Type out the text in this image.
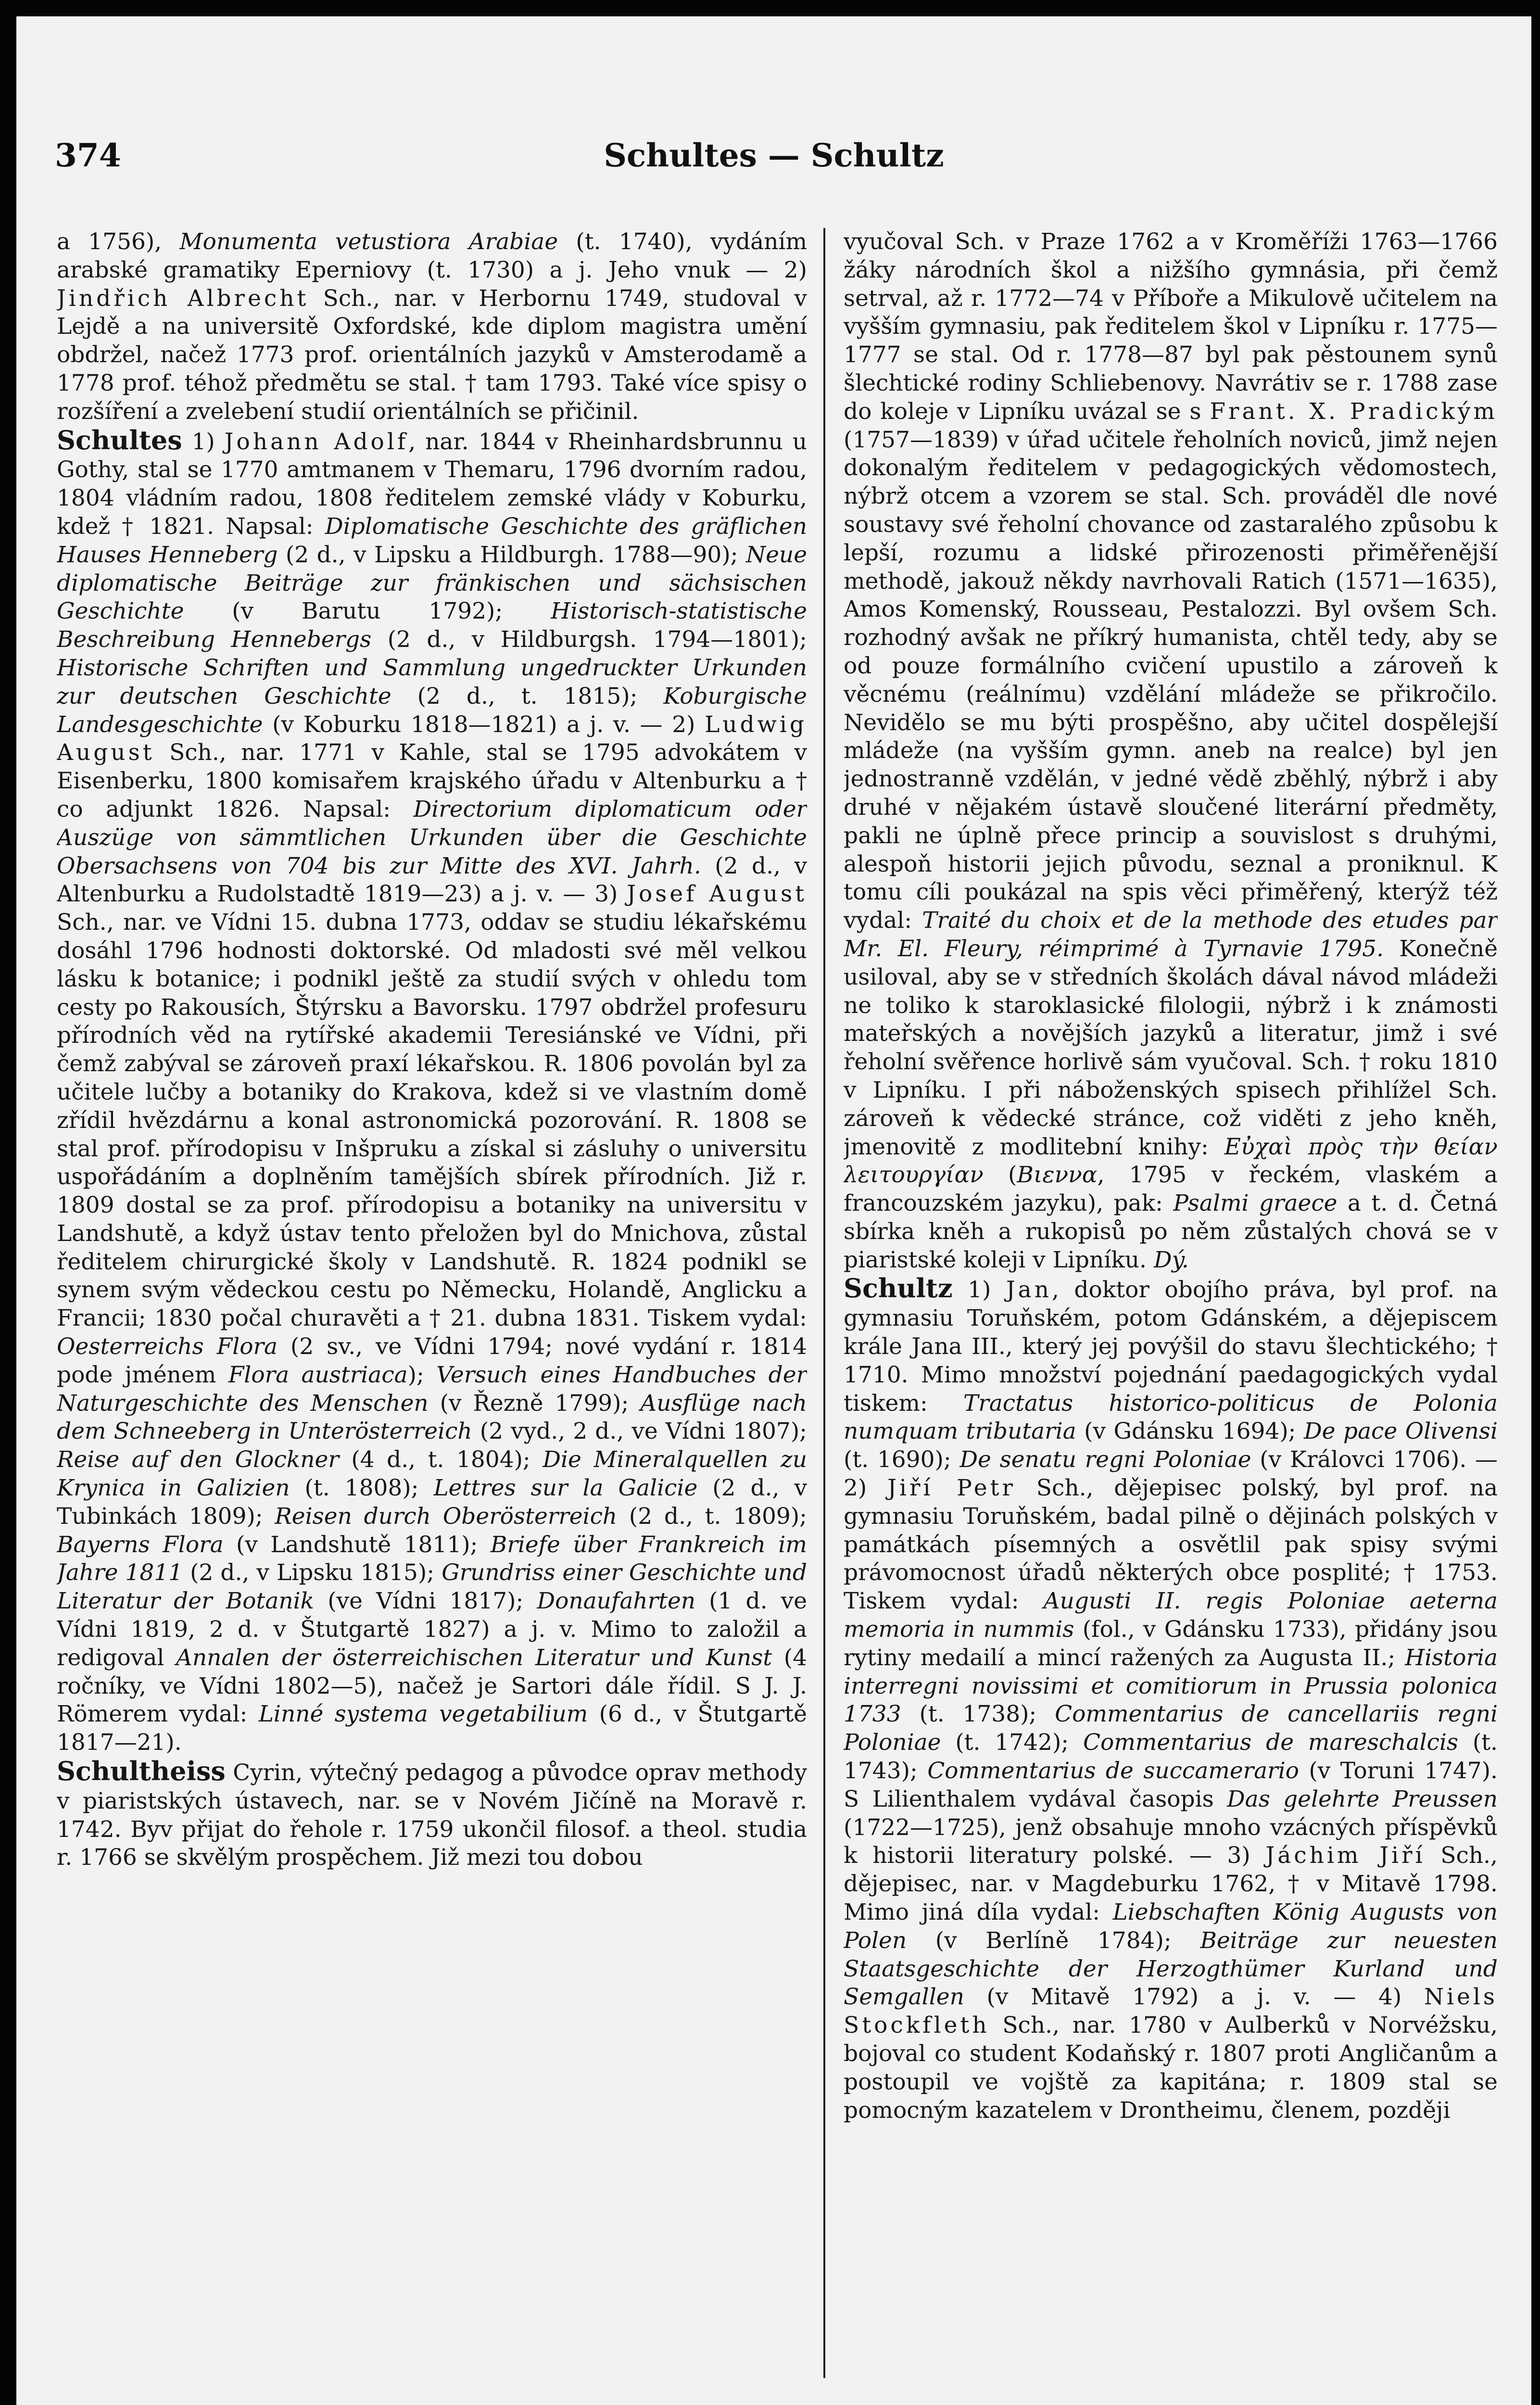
374	Schultes — Schultz

a 1756), Monumenta vetustiora Arabiae (t. 1740), vydáním arabské gramatiky Eperniovy (t. 1730) a j. Jeho vnuk — 2) Jindřich Albrecht Sch., nar. v Herbornu 1749, studoval v Lejdě a na universitě Oxfordské, kde diplom magistra umění obdržel, načež 1773 prof. orientálních jazyků v Amsterodamě a 1778 prof. téhož předmětu se stal. † tam 1793. Také více spisy o rozšíření a zvelebení studií orientálních se přičinil.

Schultes 1) Johann Adolf, nar. 1844 v Rheinhardsbrunnu u Gothy, stal se 1770 amtmanem v Themaru, 1796 dvorním radou, 1804 vládním radou, 1808 ředitelem zemské vlády v Koburku, kdež † 1821. Napsal: Diplomatische Geschichte des gräflichen Hauses Henneberg (2 d., v Lipsku a Hildburgh. 1788—90); Neue diplomatische Beiträge zur fränkischen und sächsischen Geschichte (v Barutu 1792); Historisch-statistische Beschreibung Hennebergs (2 d., v Hildburgsh. 1794—1801); Historische Schriften und Sammlung ungedruckter Urkunden zur deutschen Geschichte (2 d., t. 1815); Koburgische Landesgeschichte (v Koburku 1818—1821) a j. v. — 2) Ludwig August Sch., nar. 1771 v Kahle, stal se 1795 advokátem v Eisenberku, 1800 komisařem krajského úřadu v Altenburku a † co adjunkt 1826. Napsal: Directorium diplomaticum oder Auszüge von sämmtlichen Urkunden über die Geschichte Obersachsens von 704 bis zur Mitte des XVI. Jahrh. (2 d., v Altenburku a Rudolstadtě 1819—23) a j. v. — 3) Josef August Sch., nar. ve Vídni 15. dubna 1773, oddav se studiu lékařskému dosáhl 1796 hodnosti doktorské. Od mladosti své měl velkou lásku k botanice; i podnikl ještě za studií svých v ohledu tom cesty po Rakousích, Štýrsku a Bavorsku. 1797 obdržel profesuru přírodních věd na rytířské akademii Teresiánské ve Vídni, při čemž zabýval se zároveň praxí lékařskou. R. 1806 povolán byl za učitele lučby a botaniky do Krakova, kdež si ve vlastním domě zřídil hvězdárnu a konal astronomická pozorování. R. 1808 se stal prof. přírodopisu v Inšpruku a získal si zásluhy o universitu uspořádáním a doplněním tamějších sbírek přírodních. Již r. 1809 dostal se za prof. přírodopisu a botaniky na universitu v Landshutě, a když ústav tento přeložen byl do Mnichova, zůstal ředitelem chirurgické školy v Landshutě. R. 1824 podnikl se synem svým vědeckou cestu po Německu, Holandě, Anglicku a Francii; 1830 počal churavěti a † 21. dubna 1831. Tiskem vydal: Oesterreichs Flora (2 sv., ve Vídni 1794; nové vydání r. 1814 pode jménem Flora austriaca); Versuch eines Handbuches der Naturgeschichte des Menschen (v Řezně 1799); Ausflüge nach dem Schneeberg in Unterösterreich (2 vyd., 2 d., ve Vídni 1807); Reise auf den Glockner (4 d., t. 1804); Die Mineralquellen zu Krynica in Galizien (t. 1808); Lettres sur la Galicie (2 d., v Tubinkách 1809); Reisen durch Oberösterreich (2 d., t. 1809); Bayerns Flora (v Landshutě 1811); Briefe über Frankreich im Jahre 1811 (2 d., v Lipsku 1815); Grundriss einer Geschichte und Literatur der Botanik (ve Vídni 1817); Donaufahrten (1 d. ve Vídni 1819, 2 d. v Štutgartě 1827) a j. v. Mimo to založil a redigoval Annalen der österreichischen Literatur und Kunst (4 ročníky, ve Vídni 1802—5), načež je Sartori dále řídil. S J. J. Römerem vydal: Linné systema vegetabilium (6 d., v Štutgartě 1817—21).

Schultheiss Cyrin, výtečný pedagog a původce oprav methody v piaristských ústavech, nar. se v Novém Jičíně na Moravě r. 1742. Byv přijat do řehole r. 1759 ukončil filosof. a theol. studia r. 1766 se skvělým prospěchem. Již mezi tou dobou

vyučoval Sch. v Praze 1762 a v Kroměříži 1763—1766 žáky národních škol a nižšího gymnásia, při čemž setrval, až r. 1772—74 v Příboře a Mikulově učitelem na vyšším gymnasiu, pak ředitelem škol v Lipníku r. 1775—1777 se stal. Od r. 1778—87 byl pak pěstounem synů šlechtické rodiny Schliebenovy. Navrátiv se r. 1788 zase do koleje v Lipníku uvázal se s Frant. X. Pradickým (1757—1839) v úřad učitele řeholních noviců, jimž nejen dokonalým ředitelem v pedagogických vědomostech, nýbrž otcem a vzorem se stal. Sch. prováděl dle nové soustavy své řeholní chovance od zastaralého způsobu k lepší, rozumu a lidské přirozenosti přiměřenější methodě, jakouž někdy navrhovali Ratich (1571—1635), Amos Komenský, Rousseau, Pestalozzi. Byl ovšem Sch. rozhodný avšak ne příkrý humanista, chtěl tedy, aby se od pouze formálního cvičení upustilo a zároveň k věcnému (reálnímu) vzdělání mládeže se přikročilo. Nevidělo se mu býti prospěšno, aby učitel dospělejší mládeže (na vyšším gymn. aneb na realce) byl jen jednostranně vzdělán, v jedné vědě zběhlý, nýbrž i aby druhé v nějakém ústavě sloučené literární předměty, pakli ne úplně přece princip a souvislost s druhými, alespoň historii jejich původu, seznal a proniknul. K tomu cíli poukázal na spis věci přiměřený, kterýž též vydal: Traité du choix et de la methode des etudes par Mr. El. Fleury, réimprimé à Tyrnavie 1795. Konečně usiloval, aby se v středních školách dával návod mládeži ne toliko k staroklasické filologii, nýbrž i k známosti mateřských a novějších jazyků a literatur, jimž i své řeholní svěřence horlivě sám vyučoval. Sch. † roku 1810 v Lipníku. I při náboženských spisech přihlížel Sch. zároveň k vědecké stránce, což viděti z jeho kněh, jmenovitě z modlitební knihy: Εὐχαὶ πρὸς τὴν θείαν λειτουργίαν (Βιεννα, 1795 v řeckém, vlaském a francouzském jazyku), pak: Psalmi graece a t. d. Četná sbírka kněh a rukopisů po něm zůstalých chová se v piaristské koleji v Lipníku. Dý.

Schultz 1) Jan, doktor obojího práva, byl prof. na gymnasiu Toruňském, potom Gdánském, a dějepiscem krále Jana III., který jej povýšil do stavu šlechtického; † 1710. Mimo množství pojednání paedagogických vydal tiskem: Tractatus historico-politicus de Polonia numquam tributaria (v Gdánsku 1694); De pace Olivensi (t. 1690); De senatu regni Poloniae (v Královci 1706). — 2) Jiří Petr Sch., dějepisec polský, byl prof. na gymnasiu Toruňském, badal pilně o dějinách polských v památkách písemných a osvětlil pak spisy svými právomocnost úřadů některých obce posplité; † 1753. Tiskem vydal: Augusti II. regis Poloniae aeterna memoria in nummis (fol., v Gdánsku 1733), přidány jsou rytiny medailí a mincí ražených za Augusta II.; Historia interregni novissimi et comitiorum in Prussia polonica 1733 (t. 1738); Commentarius de cancellariis regni Poloniae (t. 1742); Commentarius de mareschalcis (t. 1743); Commentarius de succamerario (v Toruni 1747). S Lilienthalem vydával časopis Das gelehrte Preussen (1722—1725), jenž obsahuje mnoho vzácných příspěvků k historii literatury polské. — 3) Jáchim Jiří Sch., dějepisec, nar. v Magdeburku 1762, † v Mitavě 1798. Mimo jiná díla vydal: Liebschaften König Augusts von Polen (v Berlíně 1784); Beiträge zur neuesten Staatsgeschichte der Herzogthümer Kurland und Semgallen (v Mitavě 1792) a j. v. — 4) Niels Stockfleth Sch., nar. 1780 v Aulberků v Norvéžsku, bojoval co student Kodaňský r. 1807 proti Angličanům a postoupil ve vojště za kapitána; r. 1809 stal se pomocným kazatelem v Drontheimu, členem, později
